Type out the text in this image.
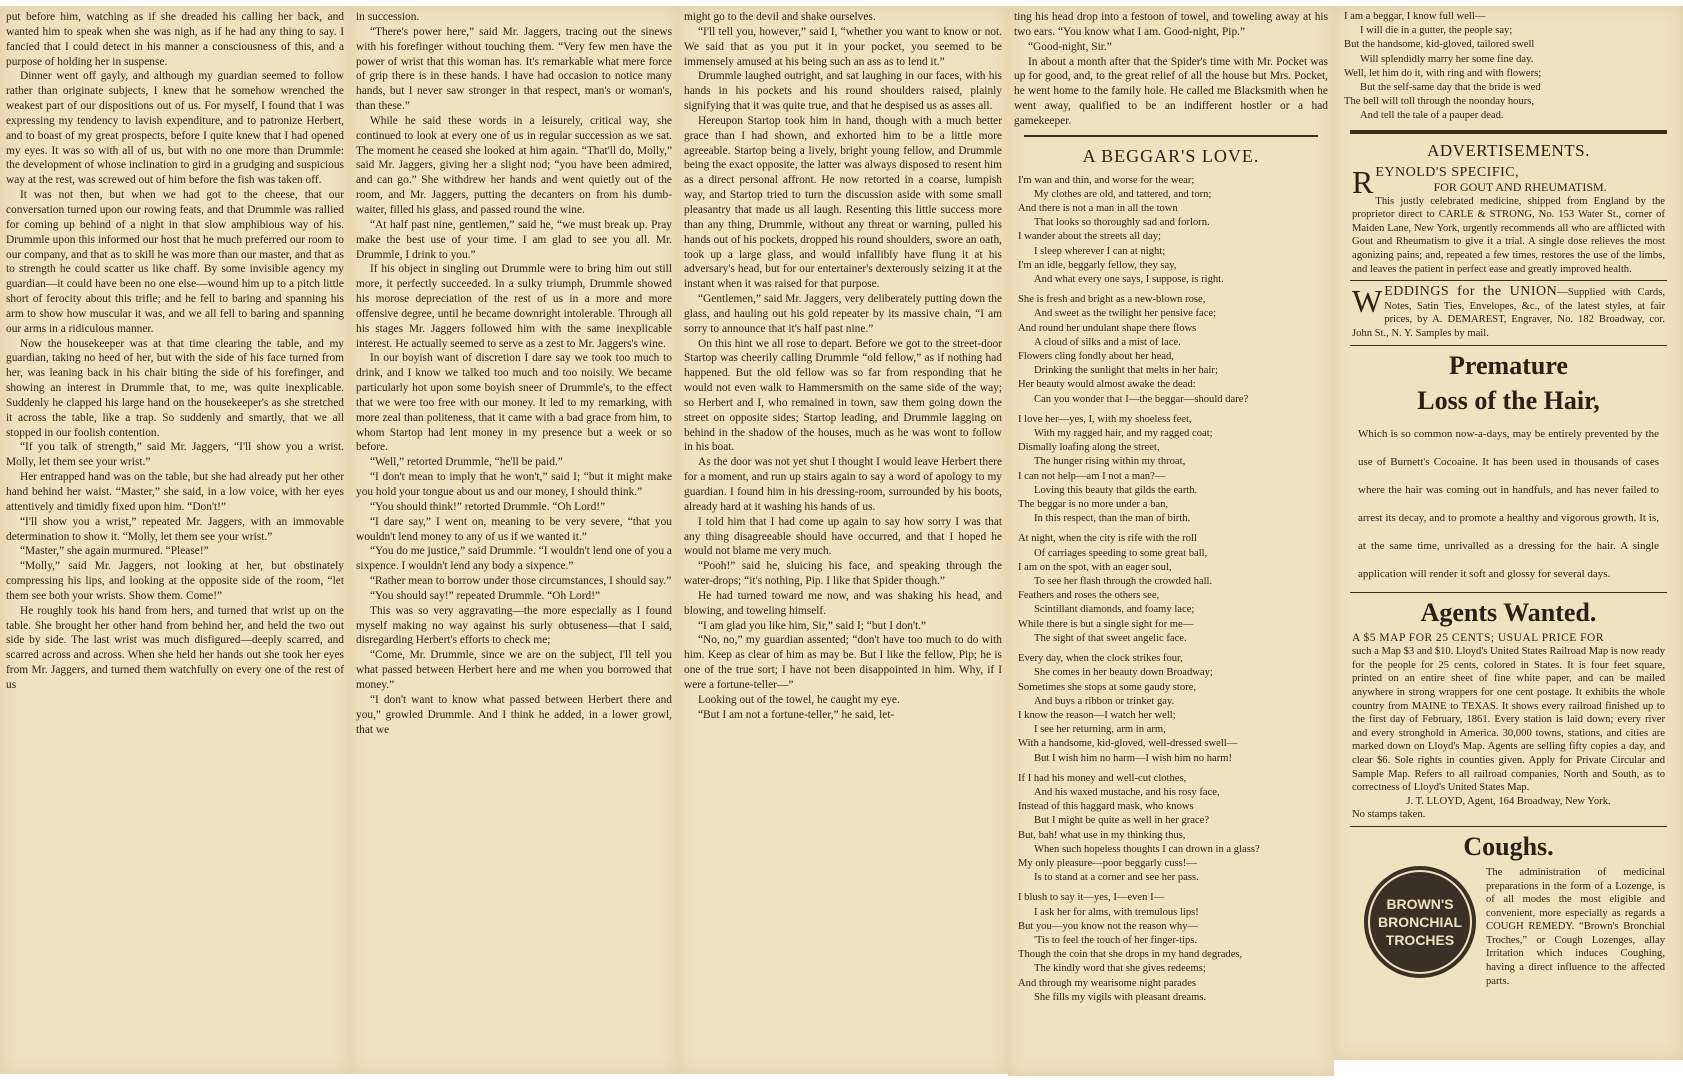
put before him, watching as if she dreaded his calling her back, and wanted him to speak when she was nigh, as if he had any thing to say. I fancied that I could detect in his manner a consciousness of this, and a purpose of holding her in suspense.

Dinner went off gayly, and although my guardian seemed to follow rather than originate subjects, I knew that he somehow wrenched the weakest part of our dispositions out of us. For myself, I found that I was expressing my tendency to lavish expenditure, and to patronize Herbert, and to boast of my great prospects, before I quite knew that I had opened my eyes. It was so with all of us, but with no one more than Drummle: the development of whose inclination to gird in a grudging and suspicious way at the rest, was screwed out of him before the fish was taken off.

It was not then, but when we had got to the cheese, that our conversation turned upon our rowing feats, and that Drummle was rallied for coming up behind of a night in that slow amphibious way of his. Drummle upon this informed our host that he much preferred our room to our company, and that as to skill he was more than our master, and that as to strength he could scatter us like chaff. By some invisible agency my guardian—it could have been no one else—wound him up to a pitch little short of ferocity about this trifle; and he fell to baring and spanning his arm to show how muscular it was, and we all fell to baring and spanning our arms in a ridiculous manner.

Now the housekeeper was at that time clearing the table, and my guardian, taking no heed of her, but with the side of his face turned from her, was leaning back in his chair biting the side of his forefinger, and showing an interest in Drummle that, to me, was quite inexplicable. Suddenly he clapped his large hand on the housekeeper's as she stretched it across the table, like a trap. So suddenly and smartly, that we all stopped in our foolish contention.

“If you talk of strength,” said Mr. Jaggers, “I'll show you a wrist. Molly, let them see your wrist.”

Her entrapped hand was on the table, but she had already put her other hand behind her waist. “Master,” she said, in a low voice, with her eyes attentively and timidly fixed upon him. “Don't!”

“I'll show you a wrist,” repeated Mr. Jaggers, with an immovable determination to show it. “Molly, let them see your wrist.”

“Master,” she again murmured. “Please!”

“Molly,” said Mr. Jaggers, not looking at her, but obstinately compressing his lips, and looking at the opposite side of the room, “let them see both your wrists. Show them. Come!”

He roughly took his hand from hers, and turned that wrist up on the table. She brought her other hand from behind her, and held the two out side by side. The last wrist was much disfigured—deeply scarred, and scarred across and across. When she held her hands out she took her eyes from Mr. Jaggers, and turned them watchfully on every one of the rest of us

in succession.

“There's power here,” said Mr. Jaggers, tracing out the sinews with his forefinger without touching them. “Very few men have the power of wrist that this woman has. It's remarkable what mere force of grip there is in these hands. I have had occasion to notice many hands, but I never saw stronger in that respect, man's or woman's, than these.”

While he said these words in a leisurely, critical way, she continued to look at every one of us in regular succession as we sat. The moment he ceased she looked at him again. “That'll do, Molly,” said Mr. Jaggers, giving her a slight nod; “you have been admired, and can go.” She withdrew her hands and went quietly out of the room, and Mr. Jaggers, putting the decanters on from his dumb-waiter, filled his glass, and passed round the wine.

“At half past nine, gentlemen,” said he, “we must break up. Pray make the best use of your time. I am glad to see you all. Mr. Drummle, I drink to you.”

If his object in singling out Drummle were to bring him out still more, it perfectly succeeded. In a sulky triumph, Drummle showed his morose depreciation of the rest of us in a more and more offensive degree, until he became downright intolerable. Through all his stages Mr. Jaggers followed him with the same inexplicable interest. He actually seemed to serve as a zest to Mr. Jaggers's wine.

In our boyish want of discretion I dare say we took too much to drink, and I know we talked too much and too noisily. We became particularly hot upon some boyish sneer of Drummle's, to the effect that we were too free with our money. It led to my remarking, with more zeal than politeness, that it came with a bad grace from him, to whom Startop had lent money in my presence but a week or so before.

“Well,” retorted Drummle, “he'll be paid.”

“I don't mean to imply that he won't,” said I; “but it might make you hold your tongue about us and our money, I should think.”

“You should think!” retorted Drummle. “Oh Lord!”

“I dare say,” I went on, meaning to be very severe, “that you wouldn't lend money to any of us if we wanted it.”

“You do me justice,” said Drummle. “I wouldn't lend one of you a sixpence. I wouldn't lend any body a sixpence.”

“Rather mean to borrow under those circumstances, I should say.”

“You should say!” repeated Drummle. “Oh Lord!”

This was so very aggravating—the more especially as I found myself making no way against his surly obtuseness—that I said, disregarding Herbert's efforts to check me;

“Come, Mr. Drummle, since we are on the subject, I'll tell you what passed between Herbert here and me when you borrowed that money.”

“I don't want to know what passed between Herbert there and you,” growled Drummle. And I think he added, in a lower growl, that we

might go to the devil and shake ourselves.

“I'll tell you, however,” said I, “whether you want to know or not. We said that as you put it in your pocket, you seemed to be immensely amused at his being such an ass as to lend it.”

Drummle laughed outright, and sat laughing in our faces, with his hands in his pockets and his round shoulders raised, plainly signifying that it was quite true, and that he despised us as asses all.

Hereupon Startop took him in hand, though with a much better grace than I had shown, and exhorted him to be a little more agreeable. Startop being a lively, bright young fellow, and Drummle being the exact opposite, the latter was always disposed to resent him as a direct personal affront. He now retorted in a coarse, lumpish way, and Startop tried to turn the discussion aside with some small pleasantry that made us all laugh. Resenting this little success more than any thing, Drummle, without any threat or warning, pulled his hands out of his pockets, dropped his round shoulders, swore an oath, took up a large glass, and would infallibly have flung it at his adversary's head, but for our entertainer's dexterously seizing it at the instant when it was raised for that purpose.

“Gentlemen,” said Mr. Jaggers, very deliberately putting down the glass, and hauling out his gold repeater by its massive chain, “I am sorry to announce that it's half past nine.”

On this hint we all rose to depart. Before we got to the street-door Startop was cheerily calling Drummle “old fellow,” as if nothing had happened. But the old fellow was so far from responding that he would not even walk to Hammersmith on the same side of the way; so Herbert and I, who remained in town, saw them going down the street on opposite sides; Startop leading, and Drummle lagging on behind in the shadow of the houses, much as he was wont to follow in his boat.

As the door was not yet shut I thought I would leave Herbert there for a moment, and run up stairs again to say a word of apology to my guardian. I found him in his dressing-room, surrounded by his boots, already hard at it washing his hands of us.

I told him that I had come up again to say how sorry I was that any thing disagreeable should have occurred, and that I hoped he would not blame me very much.

“Pooh!” said he, sluicing his face, and speaking through the water-drops; “it's nothing, Pip. I like that Spider though.”

He had turned toward me now, and was shaking his head, and blowing, and toweling himself.

“I am glad you like him, Sir,” said I; “but I don't.”

“No, no,” my guardian assented; “don't have too much to do with him. Keep as clear of him as may be. But I like the fellow, Pip; he is one of the true sort; I have not been disappointed in him. Why, if I were a fortune-teller—”

Looking out of the towel, he caught my eye.

“But I am not a fortune-teller,” he said, let-

ting his head drop into a festoon of towel, and toweling away at his two ears. “You know what I am. Good-night, Pip.”

“Good-night, Sir.”

In about a month after that the Spider's time with Mr. Pocket was up for good, and, to the great relief of all the house but Mrs. Pocket, he went home to the family hole. He called me Blacksmith when he went away, qualified to be an indifferent hostler or a had gamekeeper.

A BEGGAR'S LOVE.
I'm wan and thin, and worse for the wear;
My clothes are old, and tattered, and torn;
And there is not a man in all the town
That looks so thoroughly sad and forlorn.
I wander about the streets all day;
I sleep wherever I can at night;
I'm an idle, beggarly fellow, they say,
And what every one says, I suppose, is right.
She is fresh and bright as a new-blown rose,
And sweet as the twilight her pensive face;
And round her undulant shape there flows
A cloud of silks and a mist of lace.
Flowers cling fondly about her head,
Drinking the sunlight that melts in her hair;
Her beauty would almost awake the dead:
Can you wonder that I—the beggar—should dare?
I love her—yes, I, with my shoeless feet,
With my ragged hair, and my ragged coat;
Dismally loafing along the street,
The hunger rising within my throat,
I can not help—am I not a man?—
Loving this beauty that gilds the earth.
The beggar is no more under a ban,
In this respect, than the man of birth.
At night, when the city is rife with the roll
Of carriages speeding to some great ball,
I am on the spot, with an eager soul,
To see her flash through the crowded hall.
Feathers and roses the others see,
Scintillant diamonds, and foamy lace;
While there is but a single sight for me—
The sight of that sweet angelic face.
Every day, when the clock strikes four,
She comes in her beauty down Broadway;
Sometimes she stops at some gaudy store,
And buys a ribbon or trinket gay.
I know the reason—I watch her well;
I see her returning, arm in arm,
With a handsome, kid-gloved, well-dressed swell—
But I wish him no harm—I wish him no harm!
If I had his money and well-cut clothes,
And his waxed mustache, and his rosy face,
Instead of this haggard mask, who knows
But I might be quite as well in her grace?
But, bah! what use in my thinking thus,
When such hopeless thoughts I can drown in a glass?
My only pleasure—poor beggarly cuss!—
Is to stand at a corner and see her pass.
I blush to say it—yes, I—even I—
I ask her for alms, with tremulous lips!
But you—you know not the reason why—
'Tis to feel the touch of her finger-tips.
Though the coin that she drops in my hand degrades,
The kindly word that she gives redeems;
And through my wearisome night parades
She fills my vigils with pleasant dreams.
I am a beggar, I know full well—
I will die in a gutter, the people say;
But the handsome, kid-gloved, tailored swell
Will splendidly marry her some fine day.
Well, let him do it, with ring and with flowers;
But the self-same day that the bride is wed
The bell will toll through the noonday hours,
And tell the tale of a pauper dead.
ADVERTISEMENTS.
R EYNOLD'S SPECIFIC,
FOR GOUT AND RHEUMATISM.
This justly celebrated medicine, shipped from England by the proprietor direct to CARLE & STRONG, No. 153 Water St., corner of Maiden Lane, New York, urgently recommends all who are afflicted with Gout and Rheumatism to give it a trial. A single dose relieves the most agonizing pains; and, repeated a few times, restores the use of the limbs, and leaves the patient in perfect ease and greatly improved health.
W EDDINGS for the UNION—Supplied with Cards, Notes, Satin Ties, Envelopes, &c., of the latest styles, at fair prices, by A. DEMAREST, Engraver, No. 182 Broadway, cor. John St., N. Y. Samples by mail.
Premature
Loss of the Hair,
Which is so common now-a-days, may be entirely prevented by the use of Burnett's Cocoaine. It has been used in thousands of cases where the hair was coming out in handfuls, and has never failed to arrest its decay, and to promote a healthy and vigorous growth. It is, at the same time, unrivalled as a dressing for the hair. A single application will render it soft and glossy for several days.
Agents Wanted.
A $5 MAP FOR 25 CENTS; USUAL PRICE FOR
such a Map $3 and $10. Lloyd's United States Railroad Map is now ready for the people for 25 cents, colored in States. It is four feet square, printed on an entire sheet of fine white paper, and can be mailed anywhere in strong wrappers for one cent postage. It exhibits the whole country from MAINE to TEXAS. It shows every railroad finished up to the first day of February, 1861. Every station is laid down; every river and every stronghold in America. 30,000 towns, stations, and cities are marked down on Lloyd's Map. Agents are selling fifty copies a day, and clear $6. Sole rights in counties given. Apply for Private Circular and Sample Map. Refers to all railroad companies, North and South, as to correctness of Lloyd's United States Map.
J. T. LLOYD, Agent, 164 Broadway, New York.
No stamps taken.
Coughs.
BROWN'S
BRONCHIAL
TROCHES
The administration of medicinal preparations in the form of a Lozenge, is of all modes the most eligible and convenient, more especially as regards a COUGH REMEDY. “Brown's Bronchial Troches,” or Cough Lozenges, allay Irritation which induces Coughing, having a direct influence to the affected parts.
